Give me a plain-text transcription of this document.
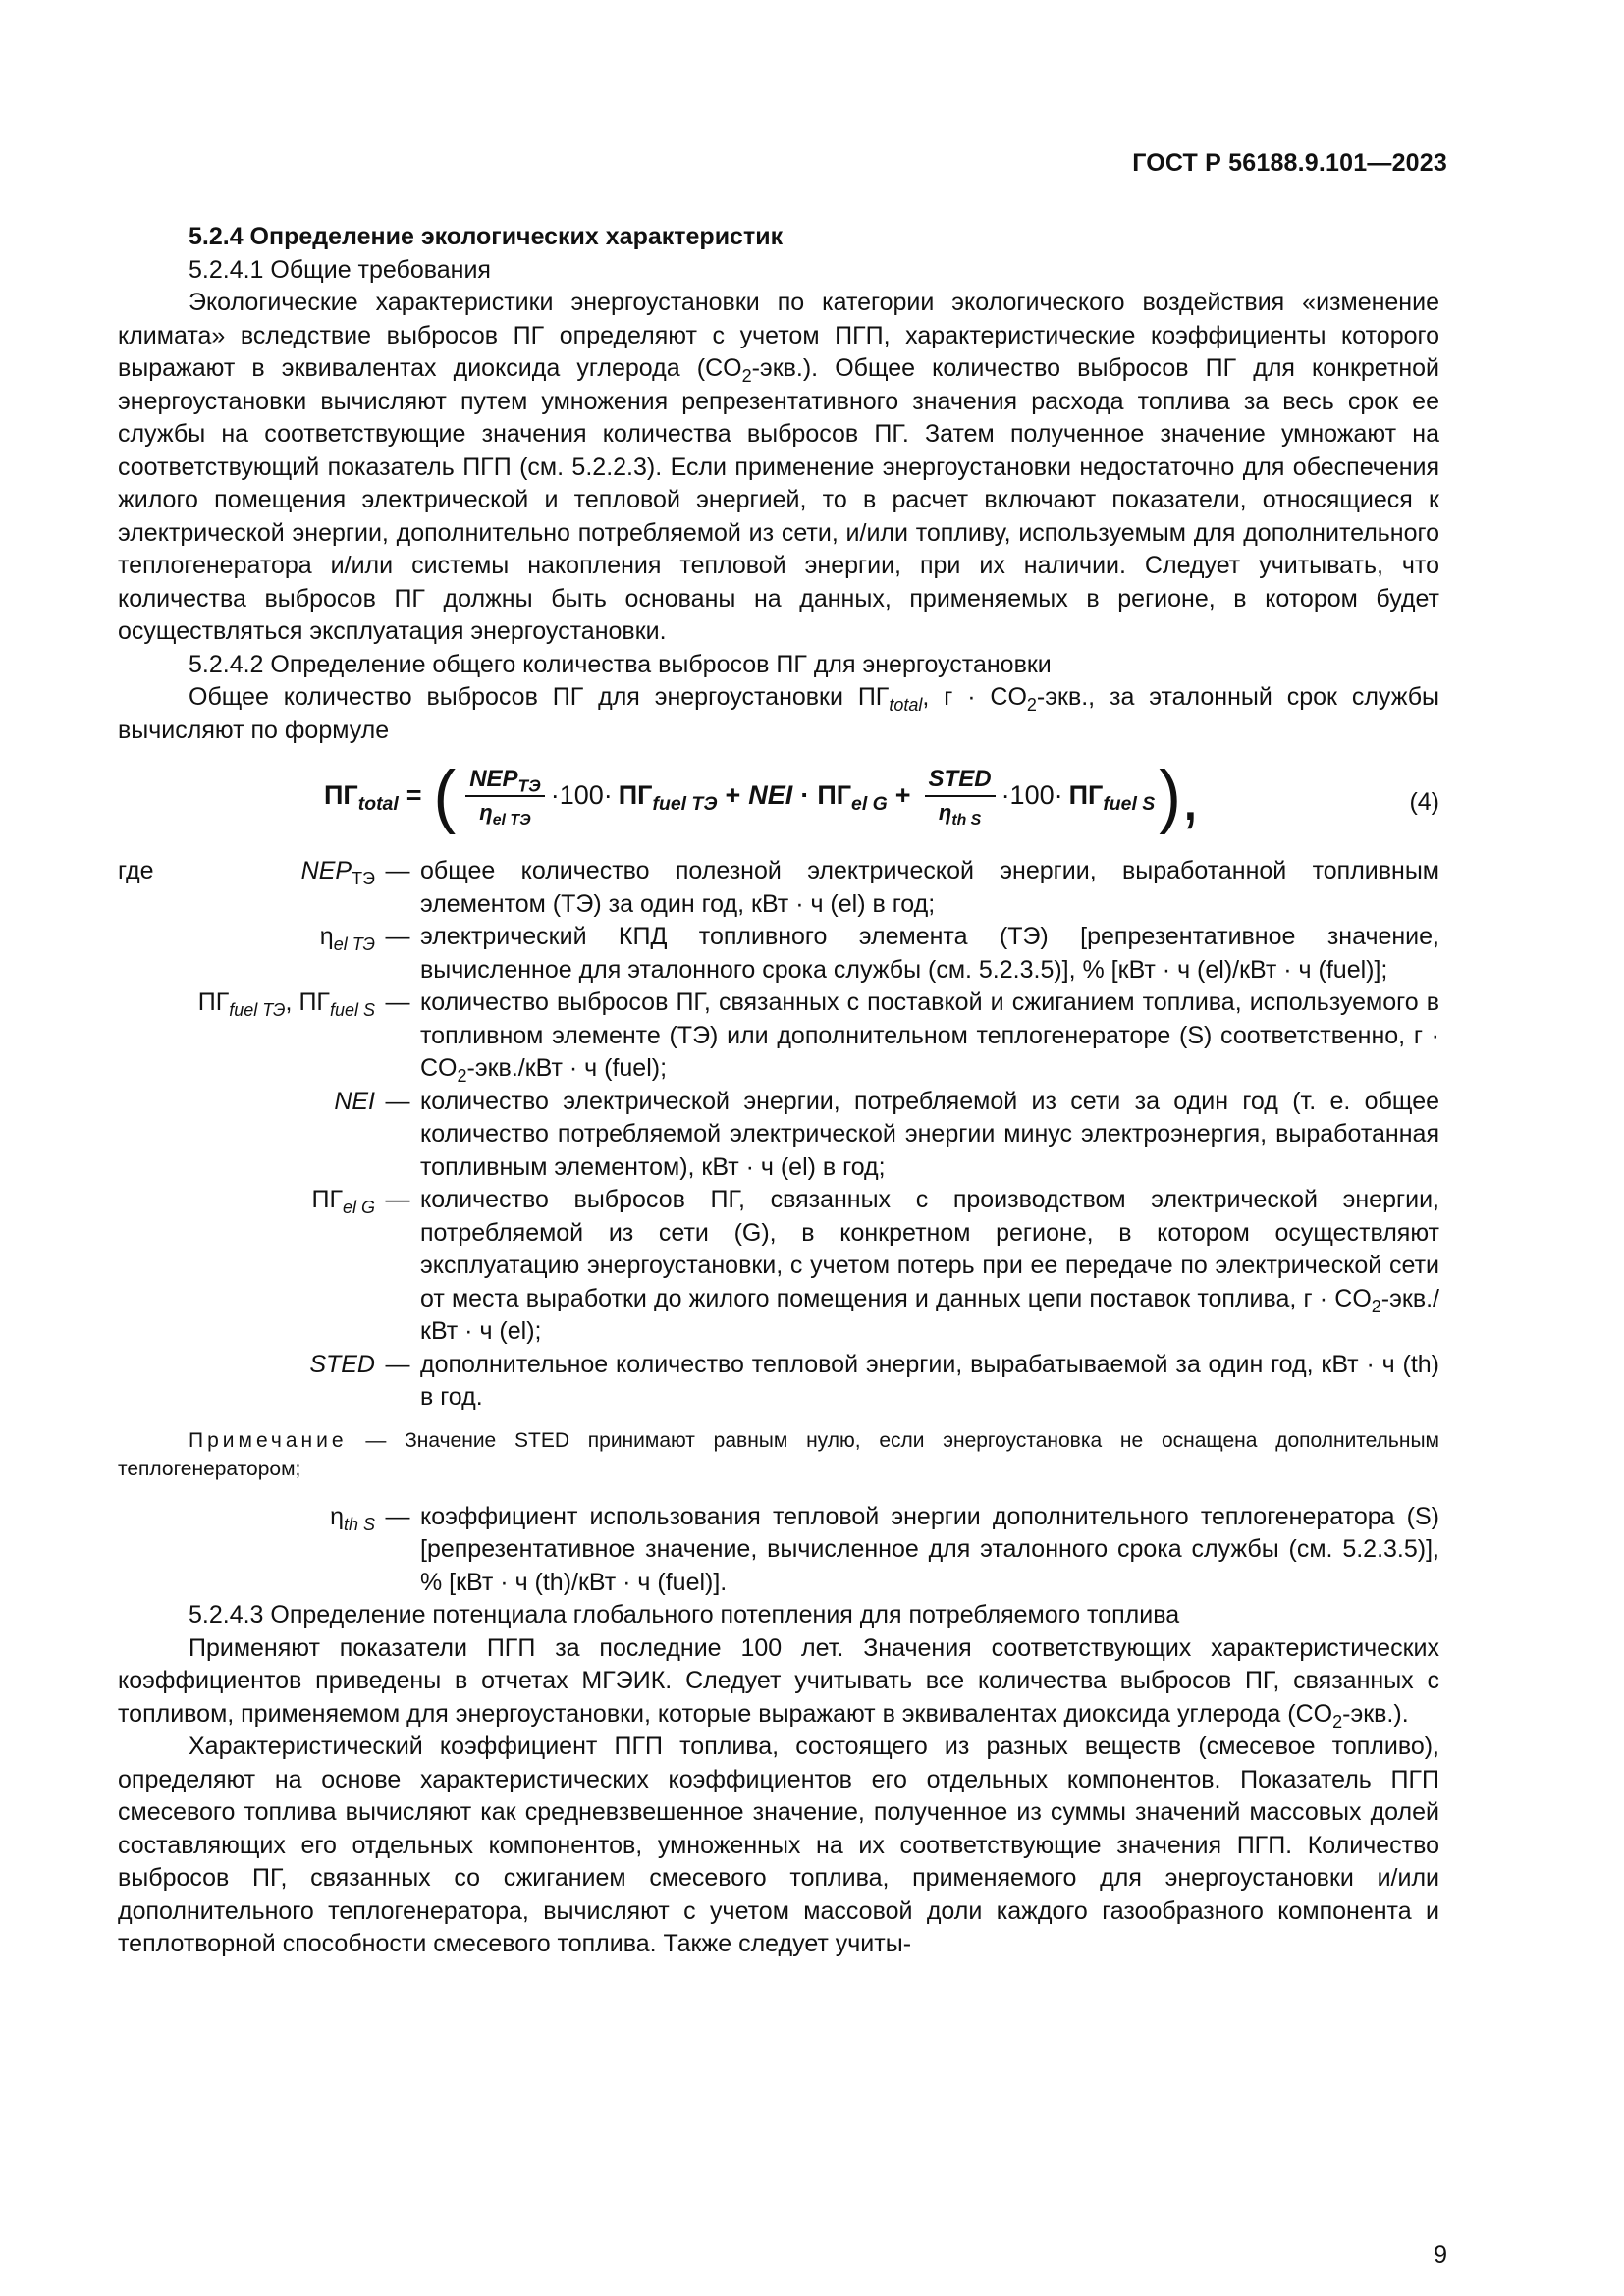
ГОСТ Р 56188.9.101—2023

5.2.4 Определение экологических характеристик

5.2.4.1 Общие требования

Экологические характеристики энергоустановки по категории экологического воздействия «изменение климата» вследствие выбросов ПГ определяют с учетом ПГП, характеристические коэффициенты которого выражают в эквивалентах диоксида углерода $(CO_2-экв.)$. Общее количество выбросов ПГ для конкретной энергоустановки вычисляют путем умножения репрезентативного значения расхода топлива за весь срок ее службы на соответствующие значения количества выбросов ПГ. Затем полученное значение умножают на соответствующий показатель ПГП (см. 5.2.2.3). Если применение энергоустановки недостаточно для обеспечения жилого помещения электрической и тепловой энергией, то в расчет включают показатели, относящиеся к электрической энергии, дополнительно потребляемой из сети, и/или топливу, используемым для дополнительного теплогенератора и/или системы накопления тепловой энергии, при их наличии. Следует учитывать, что количества выбросов ПГ должны быть основаны на данных, применяемых в регионе, в котором будет осуществляться эксплуатация энергоустановки.

5.2.4.2 Определение общего количества выбросов ПГ для энергоустановки

Общее количество выбросов ПГ для энергоустановки $ПГ_{total}$, $г \cdot CO_2$-экв., за эталонный срок службы вычисляют по формуле

$ПГ_{total}$ = ( $\frac{NEP_{ТЭ}}{\eta_{el ТЭ}} \cdot 100\cdot ПГ_{fuel ТЭ}$ + NEI · $ПГ_{el G} + \frac{\text{STED}}{\eta_{th S}} \cdot 100\cdot ПГ_{fuel S}$ ),	(4)
где	$NEP_{ТЭ}$ — общее количество полезной электрической энергии, выработанной топливным элементом (ТЭ) за один год, кВт · ч (el) в год;
$\eta_{el ТЭ}$ — электрический КПД топливного элемента (ТЭ) [репрезентативное значение, вычисленное для эталонного срока службы (см. 5.2.3.5)], % [кВт · ч (el)/кВт · ч (fuel)];
$ПГ_{fuel ТЭ}$, $ПГ_{fuel S}$ — количество выбросов ПГ, связанных с поставкой и сжиганием топлива, используемого в топливном элементе (ТЭ) или дополнительном теплогенераторе (S) соответственно, $г \cdot CO_2-экв$./кВт · ч (fuel);
NEI — количество электрической энергии, потребляемой из сети за один год (т. е. общее количество потребляемой электрической энергии минус электроэнергия, выработанная топливным элементом), кВт · ч (el) в год;
$ПГ_{el G}$ — количество выбросов ПГ, связанных с производством электрической энергии, потребляемой из сети (G), в конкретном регионе, в котором осуществляют эксплуатацию энергоустановки, с учетом потерь при ее передаче по электрической сети от места выработки до жилого помещения и данных цепи поставок топлива, $г \cdot CO_2-экв$./кВт · ч (el);
STED — дополнительное количество тепловой энергии, вырабатываемой за один год, кВт · ч (th) в год.

Примечание — Значение STED принимают равным нулю, если энергоустановка не оснащена дополнительным теплогенератором;

$\eta_{th S}$ — коэффициент использования тепловой энергии дополнительного теплогенератора (S) [репрезентативное значение, вычисленное для эталонного срока службы (см. 5.2.3.5)], % [кВт · ч (th)/кВт · ч (fuel)].

5.2.4.3 Определение потенциала глобального потепления для потребляемого топлива

Применяют показатели ПГП за последние 100 лет. Значения соответствующих характеристических коэффициентов приведены в отчетах МГЭИК. Следует учитывать все количества выбросов ПГ, связанных с топливом, применяемом для энергоустановки, которые выражают в эквивалентах диоксида углерода $(CO_2-экв.)$.

Характеристический коэффициент ПГП топлива, состоящего из разных веществ (смесевое топливо), определяют на основе характеристических коэффициентов его отдельных компонентов. Показатель ПГП смесевого топлива вычисляют как средневзвешенное значение, полученное из суммы значений массовых долей составляющих его отдельных компонентов, умноженных на их соответствующие значения ПГП. Количество выбросов ПГ, связанных со сжиганием смесевого топлива, применяемого для энергоустановки и/или дополнительного теплогенератора, вычисляют с учетом массовой доли каждого газообразного компонента и теплотворной способности смесевого топлива. Также следует учиты-

9
